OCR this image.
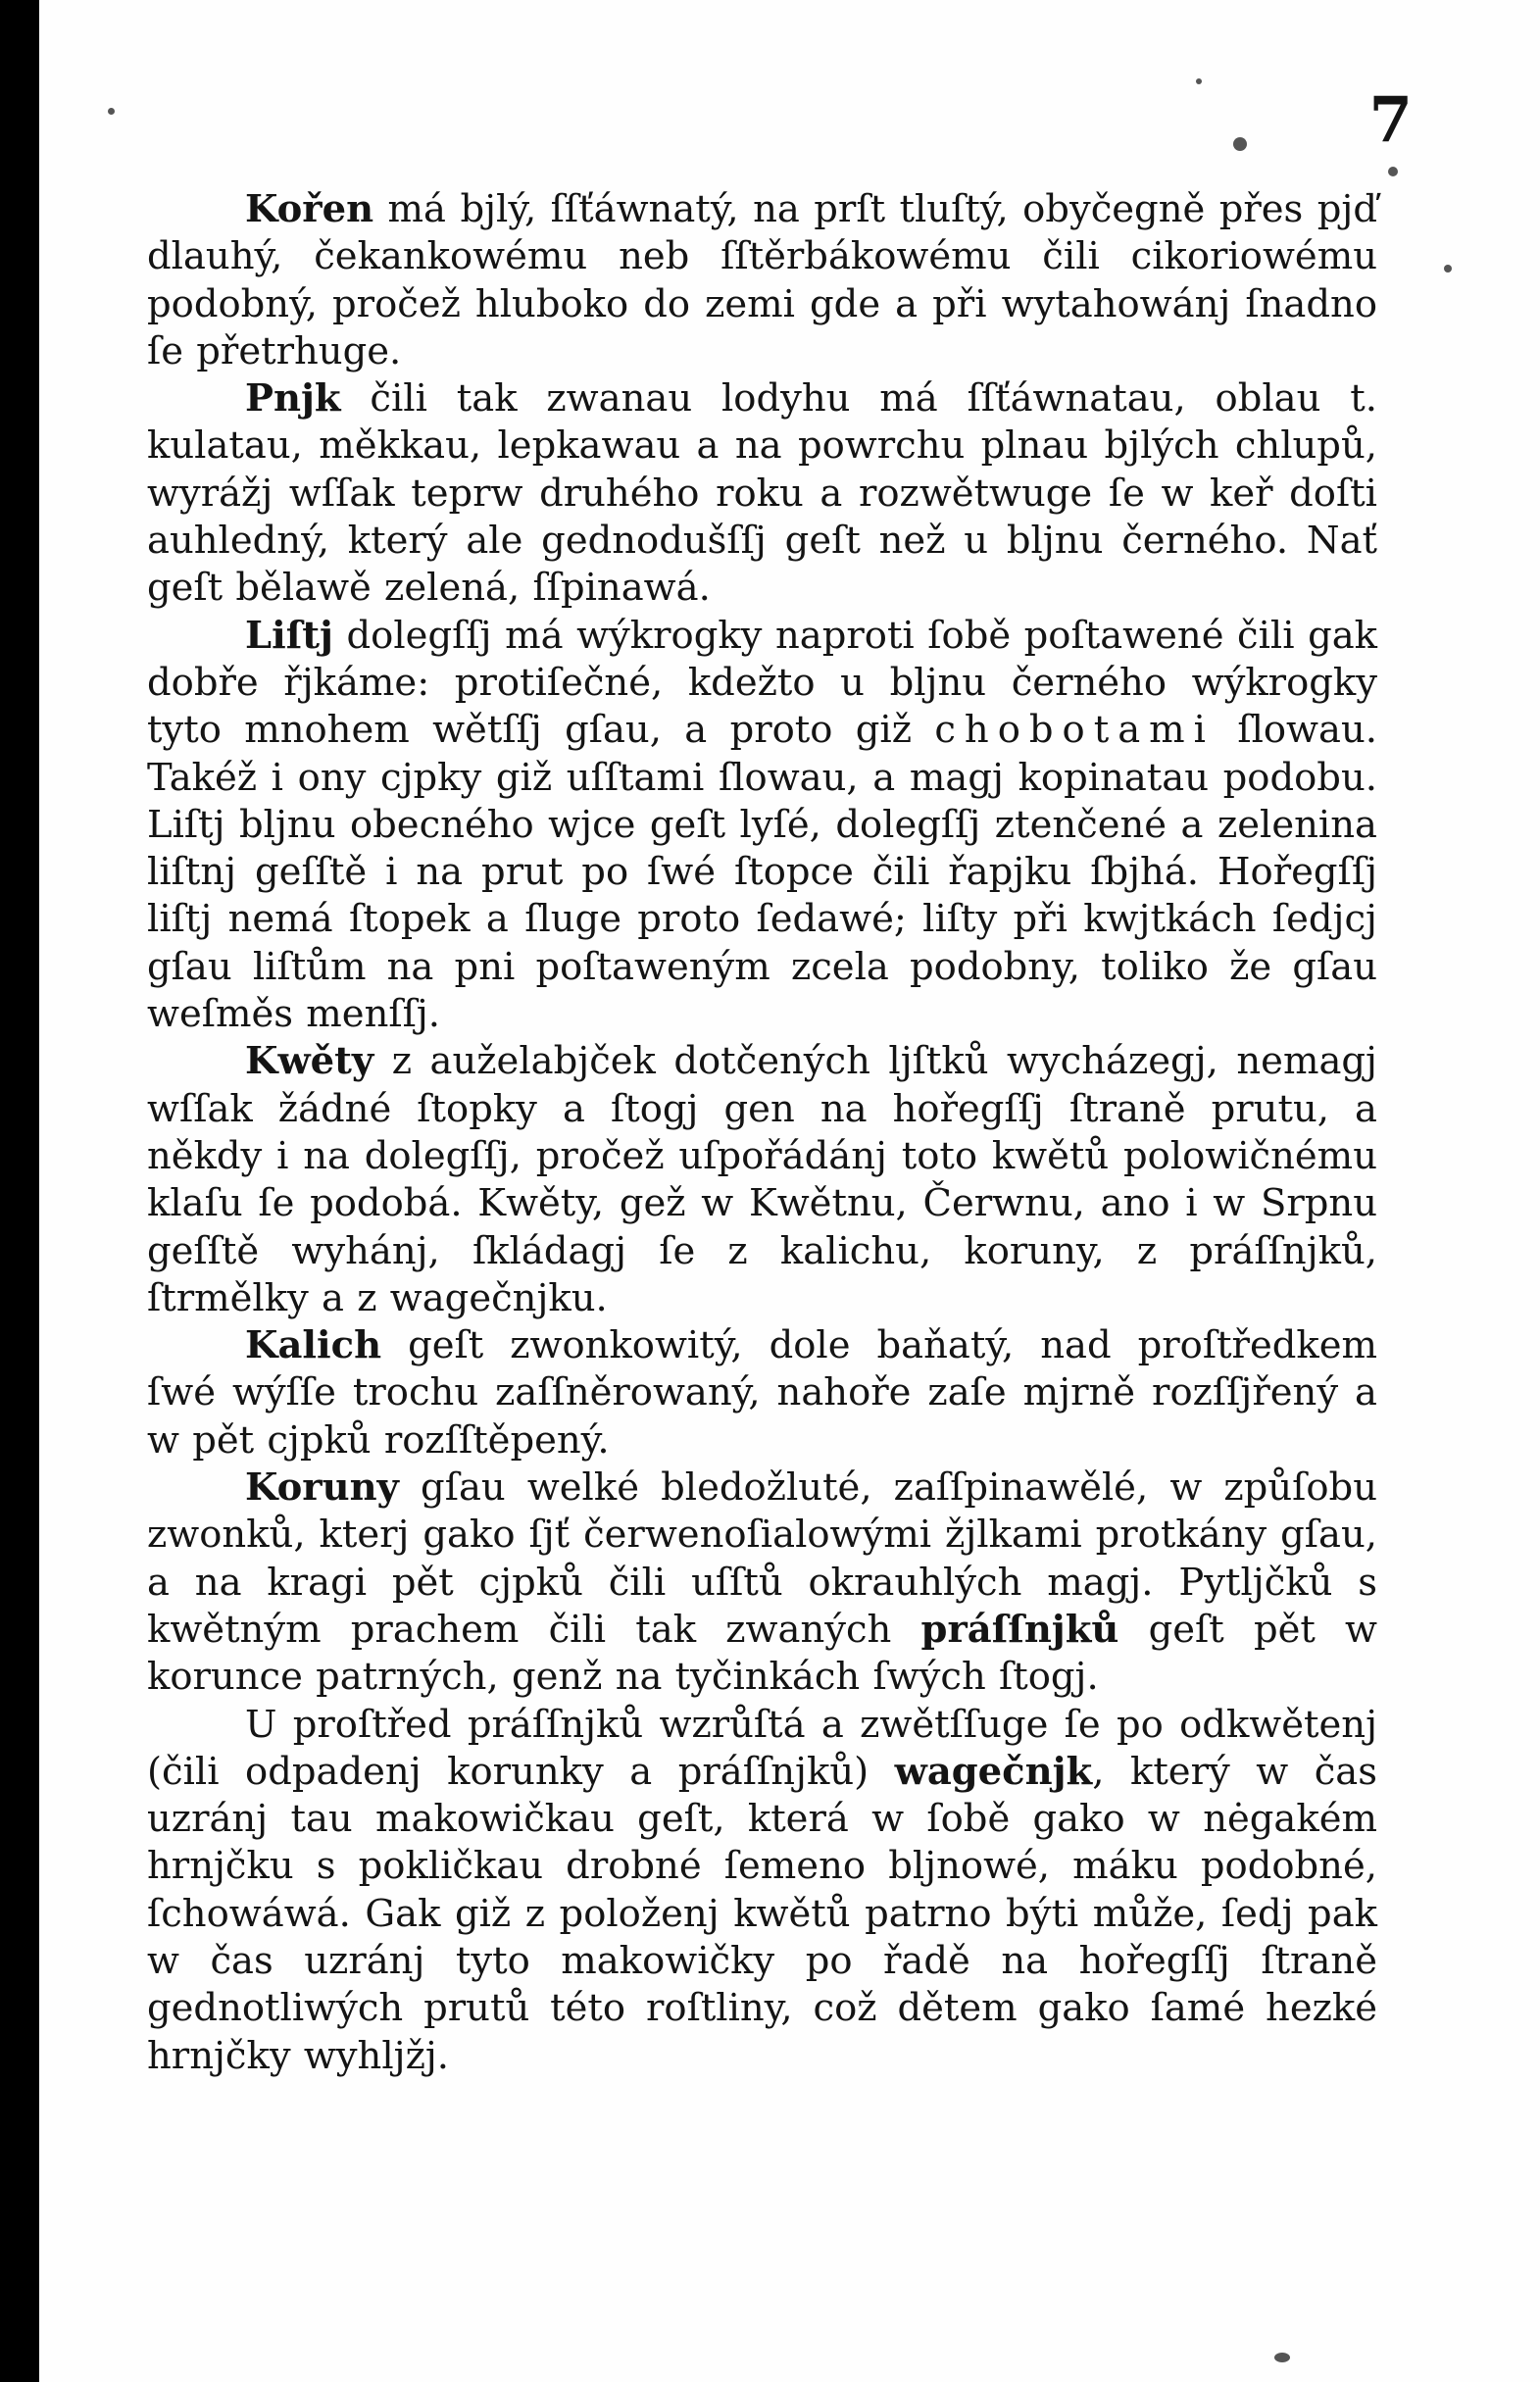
7

Kořen má bjlý, ſſťáwnatý, na prſt tluſtý, obyčegně přes pjď dlauhý, čekankowému neb ſſtěrbákowému čili cikoriowému podobný, pročež hluboko do zemi gde a při wytahowánj ſnadno ſe přetrhuge.

Pnjk čili tak zwanau lodyhu má ſſťáwnatau, oblau t. kulatau, měkkau, lepkawau a na powrchu plnau bjlých chlupů, wyrážj wſſak teprw druhého roku a rozwětwuge ſe w keř doſti auhledný, který ale gednodušſſj geſt než u bljnu černého. Nať geſt bělawě zelená, ſſpinawá.

Liſtj dolegſſj má wýkrogky naproti ſobě poſtawené čili gak dobře řjkáme: protiſečné, kdežto u bljnu černého wýkrogky tyto mnohem wětſſj gſau, a proto giž chobotami ſlowau. Takéž i ony cjpky giž uſſtami ſlowau, a magj kopinatau podobu. Liſtj bljnu obecného wjce geſt lyſé, dolegſſj ztenčené a zelenina liſtnj geſſtě i na prut po ſwé ſtopce čili řapjku ſbjhá. Hořegſſj liſtj nemá ſtopek a ſluge proto ſedawé; liſty při kwjtkách ſedjcj gſau liſtům na pni poſtaweným zcela podobny, toliko že gſau weſměs menſſj.

Kwěty z auželabjček dotčených ljſtků wycházegj, nemagj wſſak žádné ſtopky a ſtogj gen na hořegſſj ſtraně prutu, a někdy i na dolegſſj, pročež uſpořádánj toto kwětů polowičnému klaſu ſe podobá. Kwěty, gež w Kwětnu, Čerwnu, ano i w Srpnu geſſtě wyhánj, ſkládagj ſe z kalichu, koruny, z práſſnjků, ſtrmělky a z wagečnjku.

Kalich geſt zwonkowitý, dole baňatý, nad proſtředkem ſwé wýſſe trochu zaſſněrowaný, nahoře zaſe mjrně rozſſjřený a w pět cjpků rozſſtěpený.

Koruny gſau welké bledožluté, zaſſpinawělé, w způſobu zwonků, kterj gako ſjť čerwenoſialowými žjlkami protkány gſau, a na kragi pět cjpků čili uſſtů okrauhlých magj. Pytljčků s kwětným prachem čili tak zwaných práſſnjků geſt pět w korunce patrných, genž na tyčinkách ſwých ſtogj.

U proſtřed práſſnjků wzrůſtá a zwětſſuge ſe po odkwětenj (čili odpadenj korunky a práſſnjků) wagečnjk, který w čas uzránj tau makowičkau geſt, která w ſobě gako w nėgakém hrnjčku s pokličkau drobné ſemeno bljnowé, máku podobné, ſchowáwá. Gak giž z položenj kwětů patrno býti může, ſedj pak w čas uzránj tyto makowičky po řadě na hořegſſj ſtraně gednotliwých prutů této roſtliny, což dětem gako ſamé hezké hrnjčky wyhljžj.
